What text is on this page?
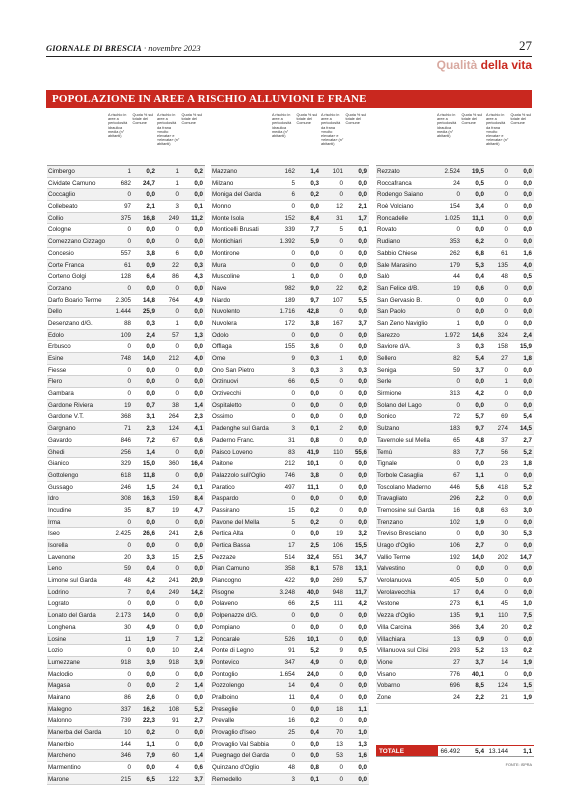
GIORNALE DI BRESCIA · novembre 2023	27
Qualità della vita
POPOLAZIONE IN AREE A RISCHIO ALLUVIONI E FRANE
A rischio in aree a pericolosità idraulica media (n° abitanti)
Quota % sul totale del Comune
A rischio in aree a pericolosità da frana «molto elevata» e «elevata» (n° abitanti)
Quota % sul totale del Comune
Cimbergo	1	0,2	1	0,2
Cividate Camuno	682	24,7	1	0,0
Coccaglio	0	0,0	0	0,0
Collebeato	97	2,1	3	0,1
Collio	375	16,8	249	11,2
Cologne	0	0,0	0	0,0
Comezzano Cizzago	0	0,0	0	0,0
Concesio	557	3,8	6	0,0
Corte Franca	61	0,9	22	0,3
Corteno Golgi	128	6,4	86	4,3
Corzano	0	0,0	0	0,0
Darfo Boario Terme	2.305	14,8	764	4,9
Dello	1.444	25,9	0	0,0
Desenzano d/G.	88	0,3	1	0,0
Edolo	109	2,4	57	1,3
Erbusco	0	0,0	0	0,0
Esine	748	14,0	212	4,0
Fiesse	0	0,0	0	0,0
Flero	0	0,0	0	0,0
Gambara	0	0,0	0	0,0
Gardone Riviera	19	0,7	38	1,4
Gardone V.T.	368	3,1	264	2,3
Gargnano	71	2,3	124	4,1
Gavardo	846	7,2	67	0,6
Ghedi	256	1,4	0	0,0
Gianico	329	15,0	360	16,4
Gottolengo	618	11,8	0	0,0
Gussago	246	1,5	24	0,1
Idro	308	16,3	159	8,4
Incudine	35	8,7	19	4,7
Irma	0	0,0	0	0,0
Iseo	2.425	26,6	241	2,6
Isorella	0	0,0	0	0,0
Lavenone	20	3,3	15	2,5
Leno	59	0,4	0	0,0
Limone sul Garda	48	4,2	241	20,9
Lodrino	7	0,4	249	14,2
Lograto	0	0,0	0	0,0
Lonato del Garda	2.173	14,0	0	0,0
Longhena	30	4,9	0	0,0
Losine	11	1,9	7	1,2
Lozio	0	0,0	10	2,4
Lumezzane	918	3,9	918	3,9
Maclodio	0	0,0	0	0,0
Magasa	0	0,0	2	1,4
Mairano	86	2,6	0	0,0
Malegno	337	16,2	108	5,2
Malonno	739	22,3	91	2,7
Manerba del Garda	10	0,2	0	0,0
Manerbio	144	1,1	0	0,0
Marcheno	346	7,9	60	1,4
Marmentino	0	0,0	4	0,6
Marone	215	6,5	122	3,7
A rischio in aree a pericolosità idraulica media (n° abitanti)
Quota % sul totale del Comune
A rischio in aree a pericolosità da frana «molto elevata» e «elevata» (n° abitanti)
Quota % sul totale del Comune
Mazzano	162	1,4	101	0,9
Milzano	5	0,3	0	0,0
Moniga del Garda	6	0,2	0	0,0
Monno	0	0,0	12	2,1
Monte Isola	152	8,4	31	1,7
Monticelli Brusati	339	7,7	5	0,1
Montichiari	1.392	5,9	0	0,0
Montirone	0	0,0	0	0,0
Mura	0	0,0	0	0,0
Muscoline	1	0,0	0	0,0
Nave	982	9,0	22	0,2
Niardo	189	9,7	107	5,5
Nuvolento	1.716	42,8	0	0,0
Nuvolera	172	3,8	167	3,7
Odolo	0	0,0	0	0,0
Offlaga	155	3,6	0	0,0
Ome	9	0,3	1	0,0
Ono San Pietro	3	0,3	3	0,3
Orzinuovi	66	0,5	0	0,0
Orzivecchi	0	0,0	0	0,0
Ospitaletto	0	0,0	0	0,0
Ossimo	0	0,0	0	0,0
Padenghe sul Garda	3	0,1	2	0,0
Paderno Franc.	31	0,8	0	0,0
Paisco Loveno	83	41,9	110	55,6
Paitone	212	10,1	0	0,0
Palazzolo sull'Oglio	746	3,8	0	0,0
Paratico	497	11,1	0	0,0
Paspardo	0	0,0	0	0,0
Passirano	15	0,2	0	0,0
Pavone del Mella	5	0,2	0	0,0
Pertica Alta	0	0,0	19	3,2
Pertica Bassa	17	2,5	106	15,5
Pezzaze	514	32,4	551	34,7
Pian Camuno	358	8,1	578	13,1
Piancogno	422	9,0	269	5,7
Pisogne	3.248	40,0	948	11,7
Polaveno	66	2,5	111	4,2
Polpenazze d/G.	0	0,0	0	0,0
Pompiano	0	0,0	0	0,0
Poncarale	526	10,1	0	0,0
Ponte di Legno	91	5,2	9	0,5
Pontevico	347	4,9	0	0,0
Pontoglio	1.654	24,0	0	0,0
Pozzolengo	14	0,4	0	0,0
Pralboino	11	0,4	0	0,0
Preseglie	0	0,0	18	1,1
Prevalle	16	0,2	0	0,0
Provaglio d'Iseo	25	0,4	70	1,0
Provaglio Val Sabbia	0	0,0	13	1,3
Puegnago del Garda	0	0,0	53	1,6
Quinzano d'Oglio	48	0,8	0	0,0
Remedello	3	0,1	0	0,0
A rischio in aree a pericolosità idraulica media (n° abitanti)
Quota % sul totale del Comune
A rischio in aree a pericolosità da frana «molto elevata» e «elevata» (n° abitanti)
Quota % sul totale del Comune
Rezzato	2.524	19,5	0	0,0
Roccafranca	24	0,5	0	0,0
Rodengo Saiano	0	0,0	0	0,0
Roè Volciano	154	3,4	0	0,0
Roncadelle	1.025	11,1	0	0,0
Rovato	0	0,0	0	0,0
Rudiano	353	6,2	0	0,0
Sabbio Chiese	262	6,8	61	1,6
Sale Marasino	179	5,3	135	4,0
Salò	44	0,4	48	0,5
San Felice d/B.	19	0,6	0	0,0
San Gervasio B.	0	0,0	0	0,0
San Paolo	0	0,0	0	0,0
San Zeno Naviglio	1	0,0	0	0,0
Sarezzo	1.972	14,6	324	2,4
Saviore d/A.	3	0,3	158	15,9
Sellero	82	5,4	27	1,8
Seniga	59	3,7	0	0,0
Serle	0	0,0	1	0,0
Sirmione	313	4,2	0	0,0
Solano del Lago	0	0,0	0	0,0
Sonico	72	5,7	69	5,4
Sulzano	183	9,7	274	14,5
Tavernole sul Mella	65	4,8	37	2,7
Temù	83	7,7	56	5,2
Tignale	0	0,0	23	1,8
Torbole Casaglia	67	1,1	0	0,0
Toscolano Maderno	446	5,6	418	5,2
Travagliato	296	2,2	0	0,0
Tremosine sul Garda	16	0,8	63	3,0
Trenzano	102	1,9	0	0,0
Treviso Bresciano	0	0,0	30	5,3
Urago d'Oglio	106	2,7	0	0,0
Vallio Terme	192	14,0	202	14,7
Valvestino	0	0,0	0	0,0
Verolanuova	405	5,0	0	0,0
Verolavecchia	17	0,4	0	0,0
Vestone	273	6,1	45	1,0
Vezza d'Oglio	135	9,1	110	7,5
Villa Carcina	366	3,4	20	0,2
Villachiara	13	0,9	0	0,0
Villanuova sul Clisi	293	5,2	13	0,2
Vione	27	3,7	14	1,9
Visano	776	40,1	0	0,0
Vobarno	696	8,5	124	1,5
Zone	24	2,2	21	1,9
TOTALE	66.492	5,4 13.144	1,1
FONTE: ISPRA
